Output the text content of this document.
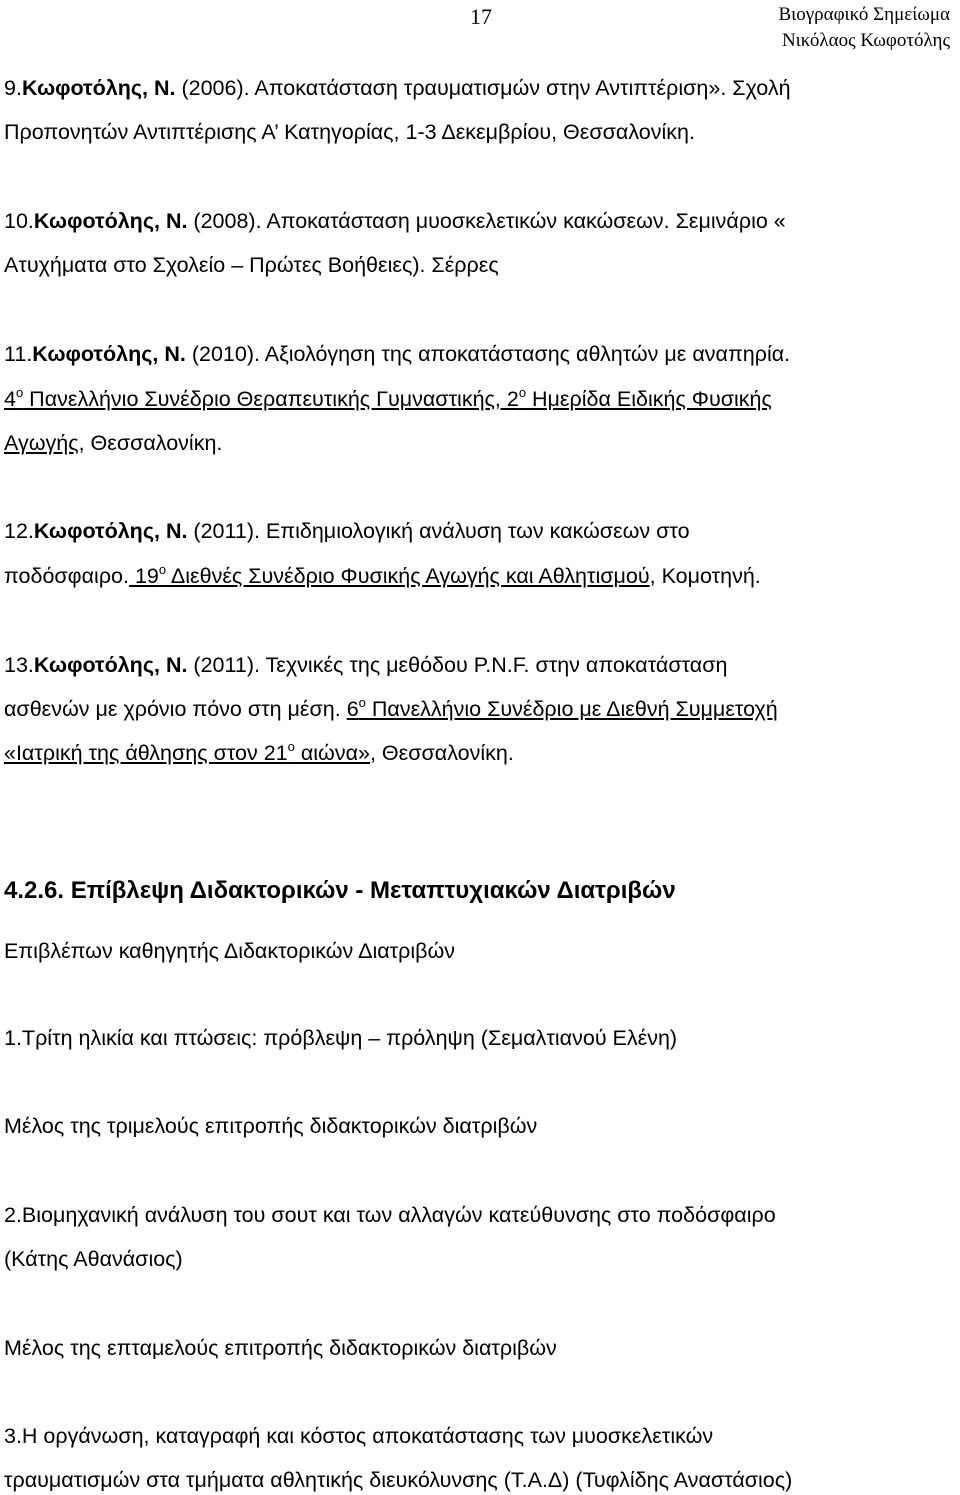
17	Βιογραφικό Σημείωμα
Νικόλαος Κωφοτόλης
9.Κωφοτόλης, Ν. (2006). Αποκατάσταση τραυματισμών στην Αντιπτέριση». Σχολή
Προπονητών Αντιπτέρισης Α’ Κατηγορίας, 1-3 Δεκεμβρίου, Θεσσαλονίκη.
10.Κωφοτόλης, Ν. (2008). Αποκατάσταση μυοσκελετικών κακώσεων. Σεμινάριο «
Ατυχήματα στο Σχολείο – Πρώτες Βοήθειες). Σέρρες
11.Κωφοτόλης, Ν. (2010). Αξιολόγηση της αποκατάστασης αθλητών με αναπηρία.
$4^o$ Πανελλήνιο Συνέδριο Θεραπευτικής Γυμναστικής, $2^o$ Ημερίδα Ειδικής Φυσικής
Αγωγής, Θεσσαλονίκη.
12.Κωφοτόλης, Ν. (2011). Επιδημιολογική ανάλυση των κακώσεων στο
ποδόσφαιρο. $19^o$ Διεθνές Συνέδριο Φυσικής Αγωγής και Αθλητισμού, Κομοτηνή.
13.Κωφοτόλης, Ν. (2011). Τεχνικές της μεθόδου P.N.F. στην αποκατάσταση
ασθενών με χρόνιο πόνο στη μέση. $6^o$ Πανελλήνιο Συνέδριο με Διεθνή Συμμετοχή
«Ιατρική της άθλησης στον $21^o$ αιώνα», Θεσσαλονίκη.
4.2.6. Επίβλεψη Διδακτορικών - Μεταπτυχιακών Διατριβών
Επιβλέπων καθηγητής Διδακτορικών Διατριβών
1.Τρίτη ηλικία και πτώσεις: πρόβλεψη – πρόληψη (Σεμαλτιανού Ελένη)
Μέλος της τριμελούς επιτροπής διδακτορικών διατριβών
2.Βιομηχανική ανάλυση του σουτ και των αλλαγών κατεύθυνσης στο ποδόσφαιρο
(Κάτης Αθανάσιος)
Μέλος της επταμελούς επιτροπής διδακτορικών διατριβών
3.Η οργάνωση, καταγραφή και κόστος αποκατάστασης των μυοσκελετικών
τραυματισμών στα τμήματα αθλητικής διευκόλυνσης (Τ.Α.Δ) (Τυφλίδης Αναστάσιος)
